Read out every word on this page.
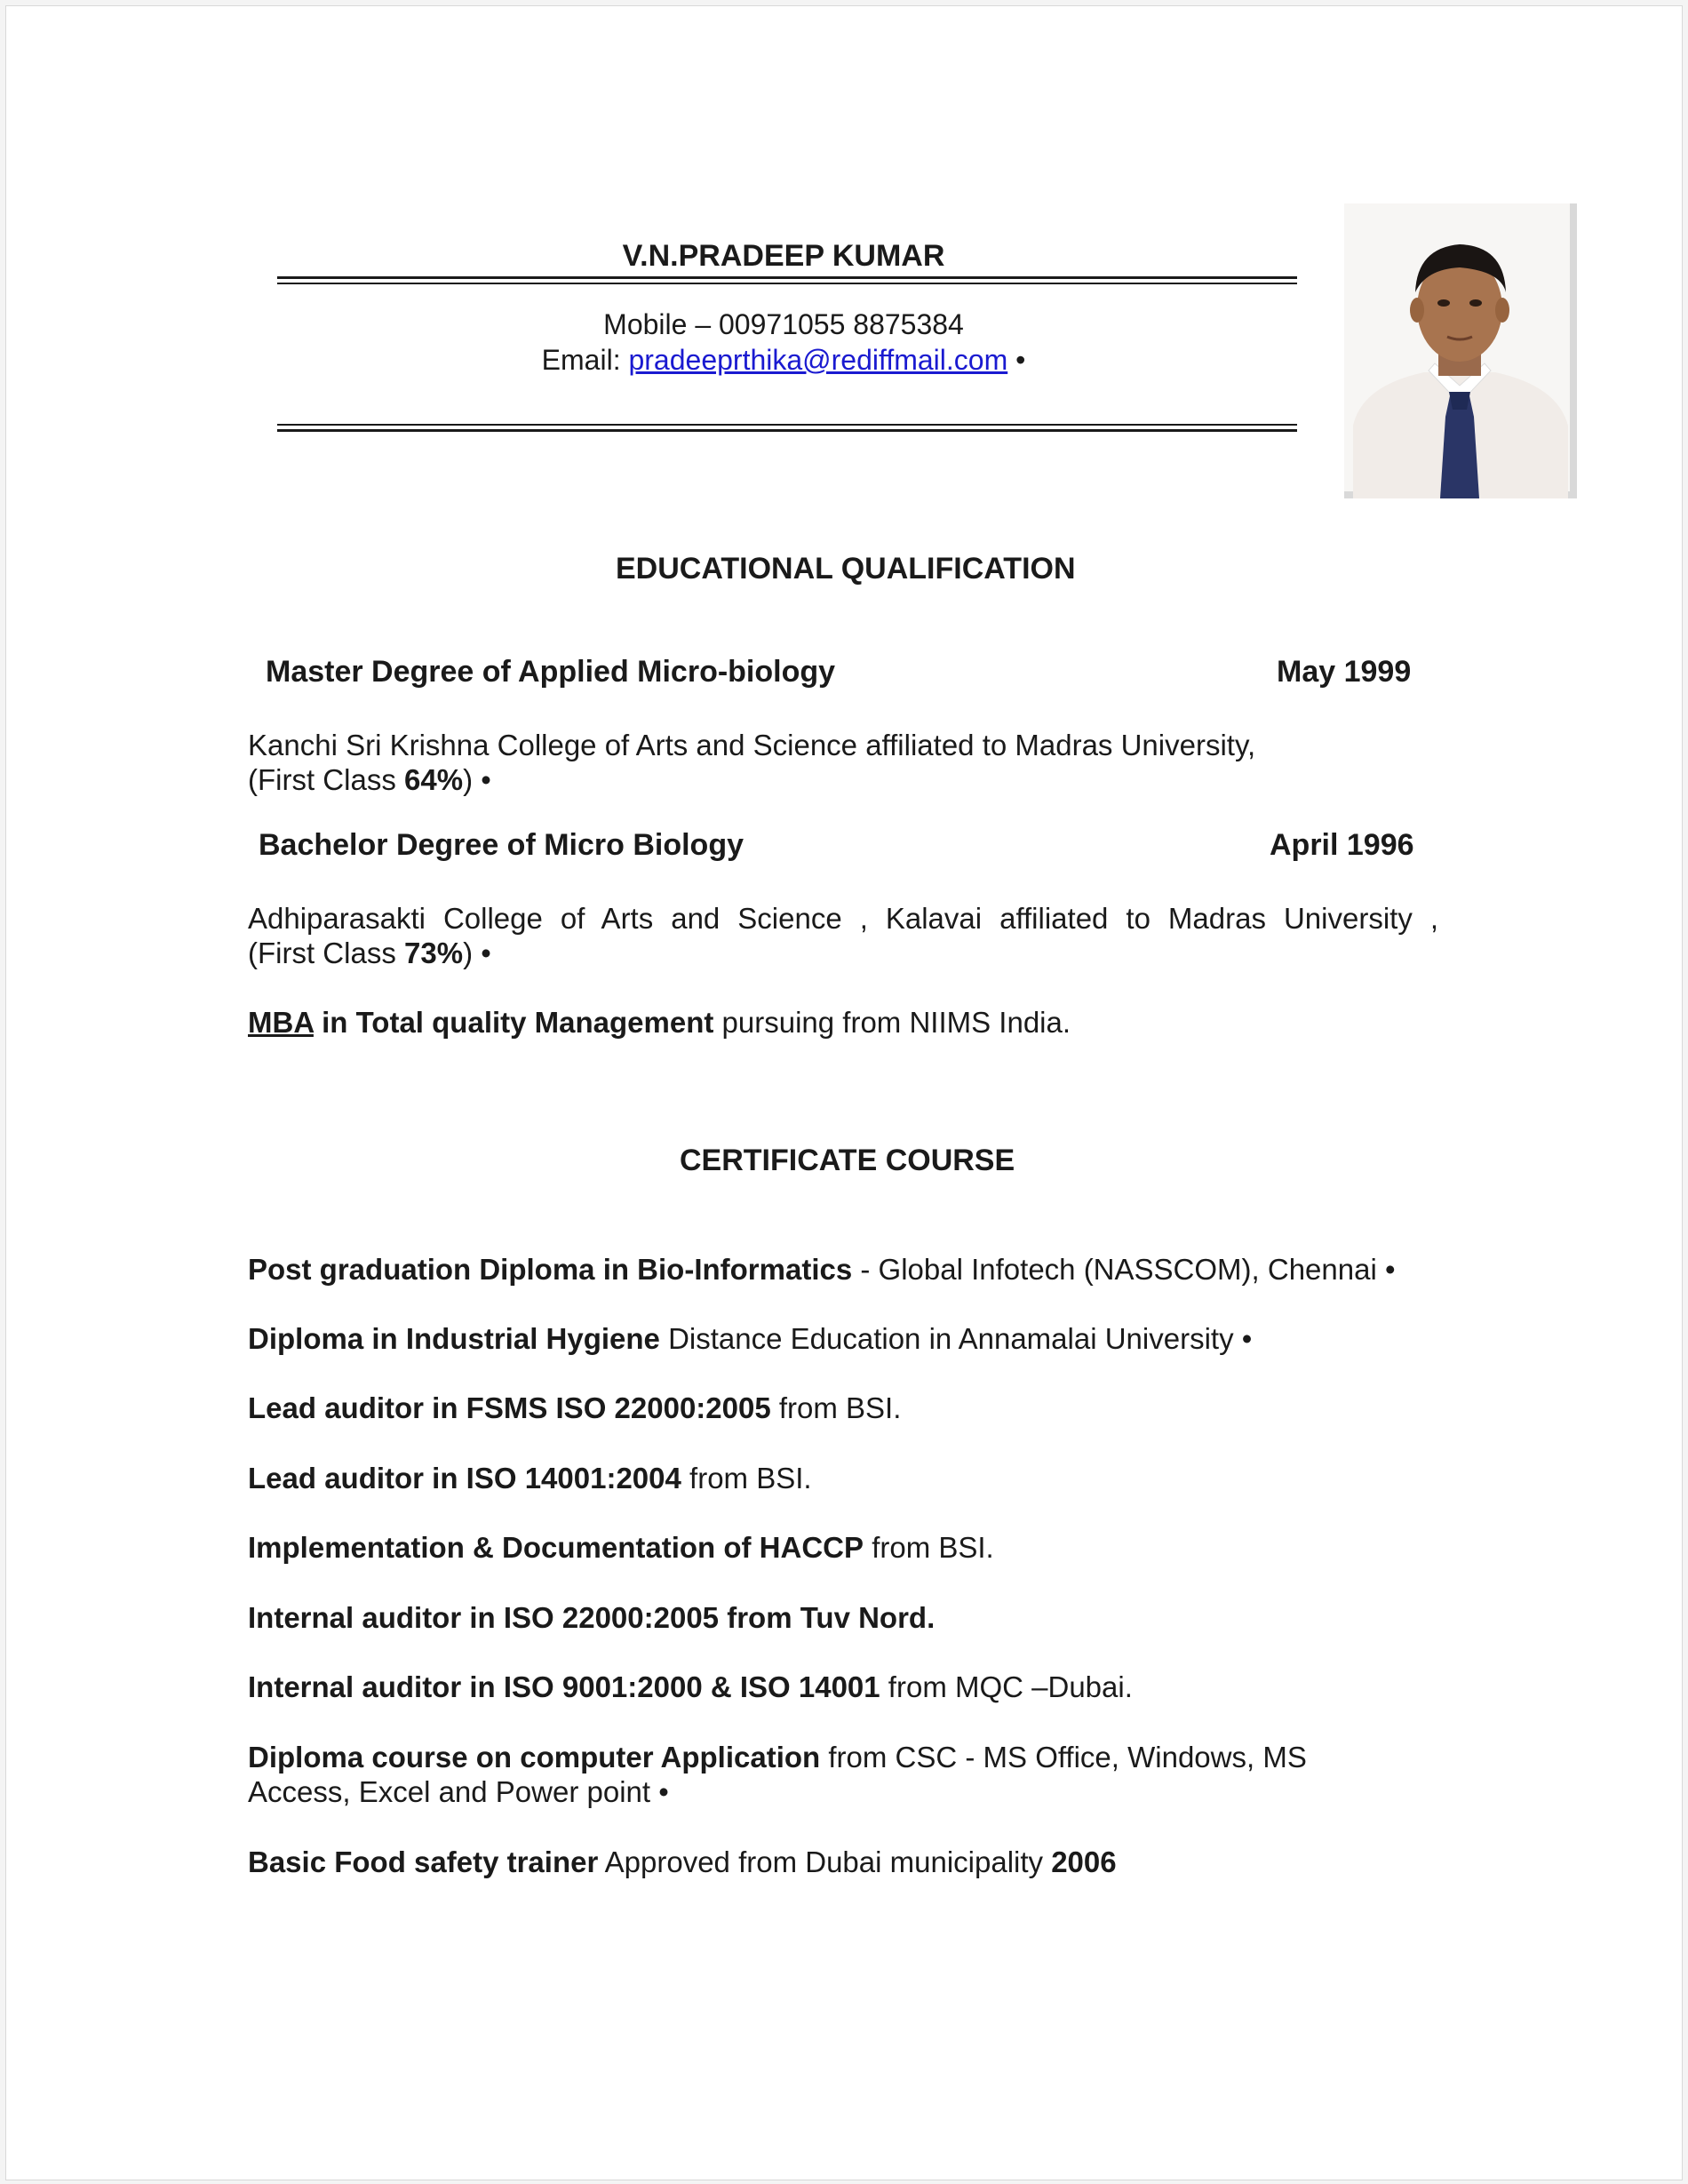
V.N.PRADEEP KUMAR
Mobile – 00971055 8875384
Email: pradeeprthika@rediffmail.com •
EDUCATIONAL QUALIFICATION
Master Degree of Applied Micro-biology	May 1999
Kanchi Sri Krishna College of Arts and Science affiliated to Madras University,
(First Class 64%) •
Bachelor Degree of Micro Biology	April 1996
Adhiparasakti College of Arts and Science , Kalavai affiliated to Madras University ,
(First Class 73%) •
MBA in Total quality Management pursuing from NIIMS India.
CERTIFICATE COURSE
Post graduation Diploma in Bio-Informatics - Global Infotech (NASSCOM), Chennai •
Diploma in Industrial Hygiene Distance Education in Annamalai University •
Lead auditor in FSMS ISO 22000:2005 from BSI.
Lead auditor in ISO 14001:2004 from BSI.
Implementation & Documentation of HACCP from BSI.
Internal auditor in ISO 22000:2005 from Tuv Nord.
Internal auditor in ISO 9001:2000 & ISO 14001 from MQC –Dubai.
Diploma course on computer Application from CSC - MS Office, Windows, MS
Access, Excel and Power point •
Basic Food safety trainer Approved from Dubai municipality 2006
